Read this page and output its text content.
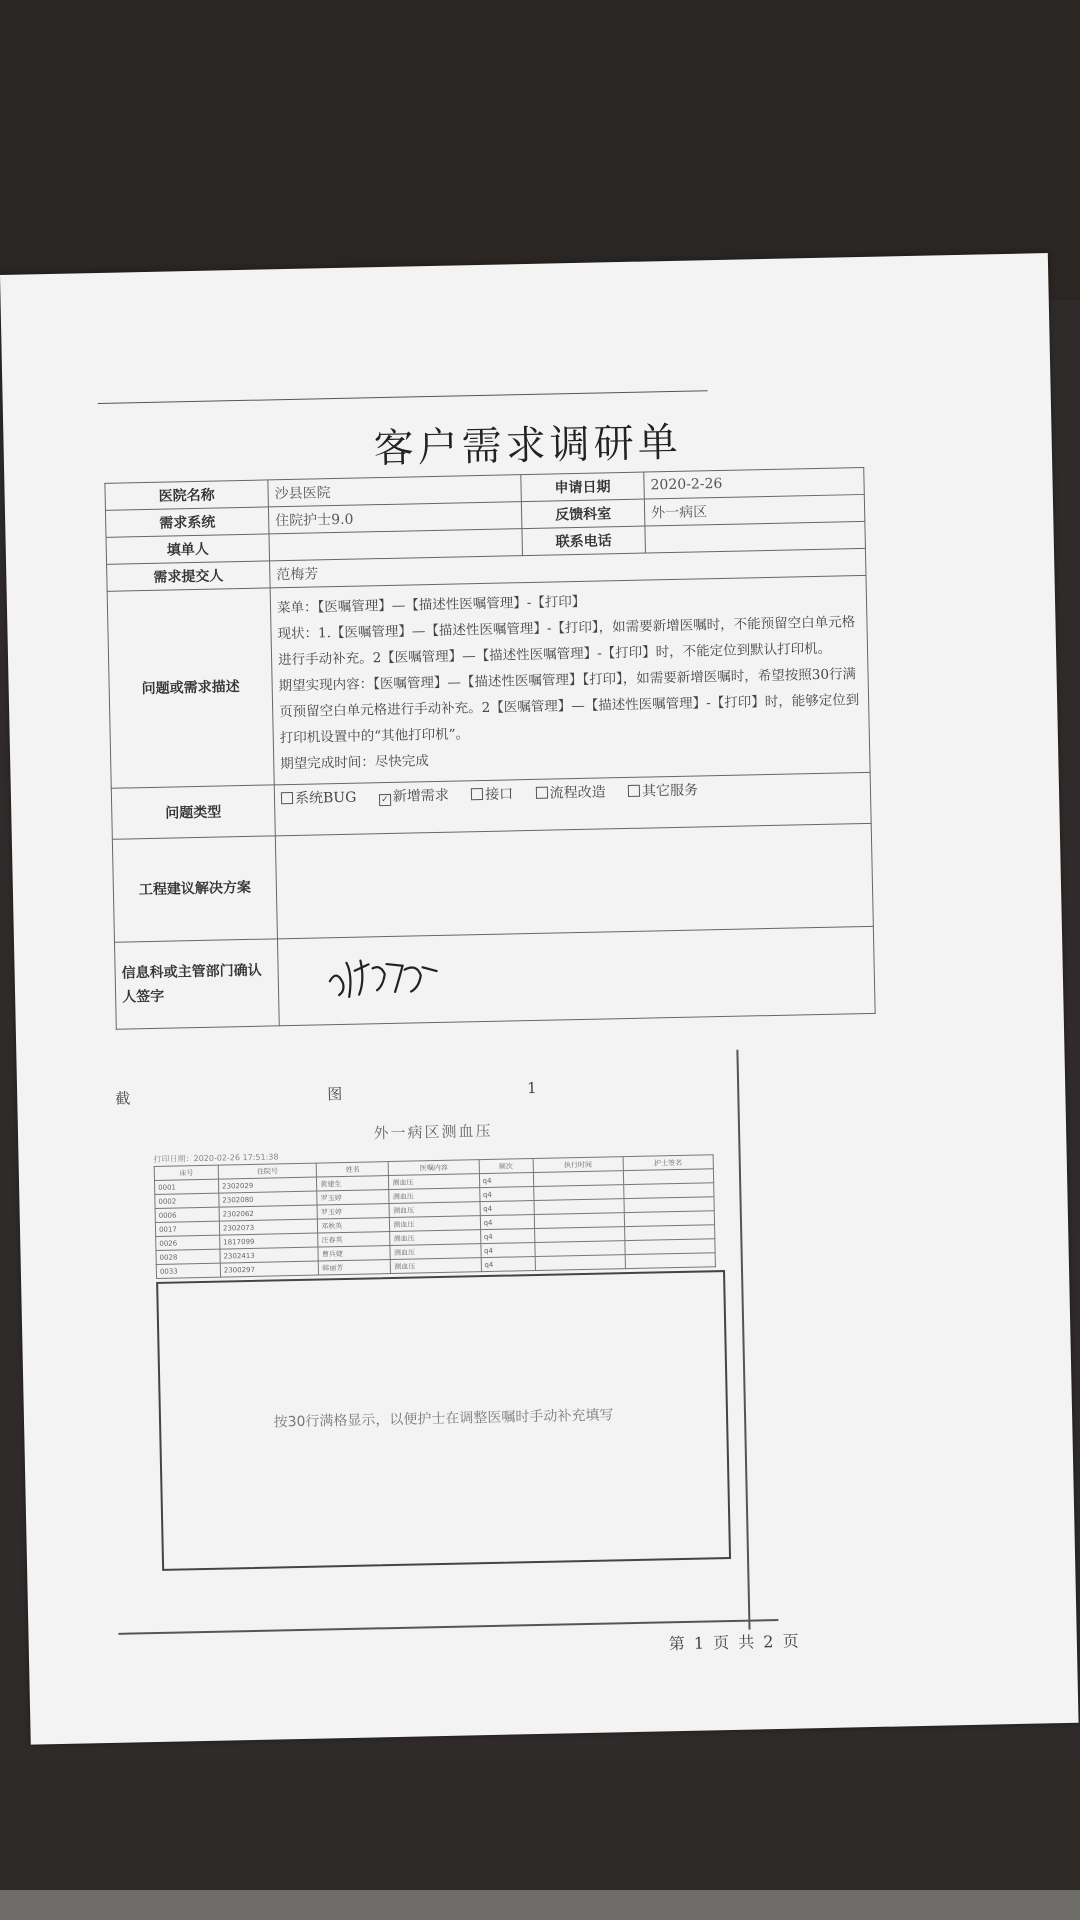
客户需求调研单
医院名称	沙县医院	申请日期	2020-2-26
需求系统	住院护士9.0	反馈科室	外一病区
填单人		联系电话	
需求提交人	范梅芳		
问题或需求描述	菜单：【医嘱管理】—【描述性医嘱管理】-【打印】
现状：1.【医嘱管理】—【描述性医嘱管理】-【打印】，如需要新增医嘱时，不能预留空白单元格进行手动补充。2【医嘱管理】—【描述性医嘱管理】-【打印】时，不能定位到默认打印机。
期望实现内容：【医嘱管理】—【描述性医嘱管理】【打印】，如需要新增医嘱时，希望按照30行满页预留空白单元格进行手动补充。2【医嘱管理】—【描述性医嘱管理】-【打印】时，能够定位到打印机设置中的“其他打印机”。
期望完成时间：尽快完成		

问题类型	系统BUG ✓ 新增需求 接口 流程改造 其它服务		
工程建议解决方案			
信息科或主管部门确认人签字	
截	图	1
外一病区测血压
打印日期：2020-02-26 17:51:38
床号	住院号	姓名	医嘱内容	频次	执行时间	护士签名
0001	2302029	黄建生	测血压	q4		
0002	2302080	罗玉婷	测血压	q4		
0006	2302062	罗玉婷	测血压	q4		
0017	2302073	邓秋英	测血压	q4		
0026	1817099	汪春英	测血压	q4		
0028	2302413	曹兵婕	测血压	q4		
0033	2300297	韩丽芳	测血压	q4		
按30行满格显示，以便护士在调整医嘱时手动补充填写
第 1 页 共 2 页
